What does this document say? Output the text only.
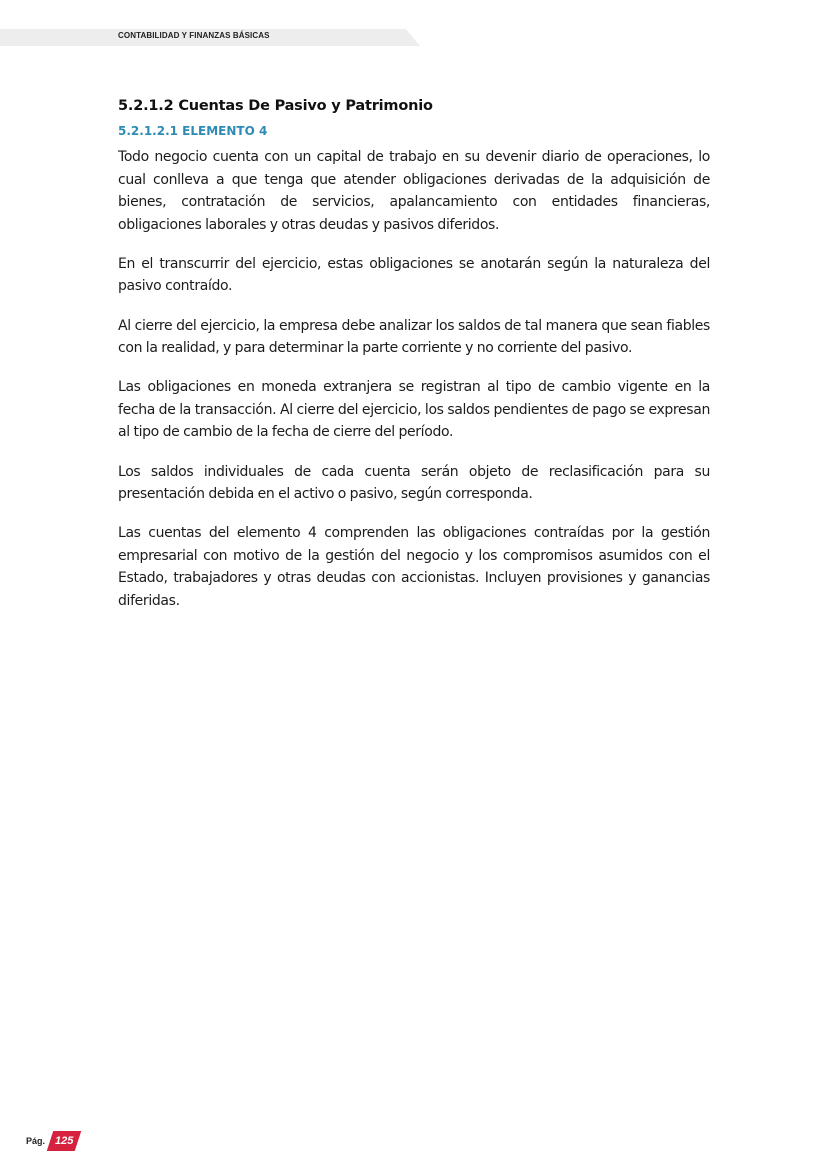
CONTABILIDAD Y FINANZAS BÁSICAS
5.2.1.2 Cuentas De Pasivo y Patrimonio
5.2.1.2.1 ELEMENTO 4

Todo negocio cuenta con un capital de trabajo en su devenir diario de operaciones, lo cual conlleva a que tenga que atender obligaciones derivadas de la adquisición de bienes, contratación de servicios, apalancamiento con entidades financieras, obligaciones laborales y otras deudas y pasivos diferidos.

En el transcurrir del ejercicio, estas obligaciones se anotarán según la naturaleza del pasivo contraído.

Al cierre del ejercicio, la empresa debe analizar los saldos de tal manera que sean fiables con la realidad, y para determinar la parte corriente y no corriente del pasivo.

Las obligaciones en moneda extranjera se registran al tipo de cambio vigente en la fecha de la transacción. Al cierre del ejercicio, los saldos pendientes de pago se expresan al tipo de cambio de la fecha de cierre del período.

Los saldos individuales de cada cuenta serán objeto de reclasificación para su presentación debida en el activo o pasivo, según corresponda.

Las cuentas del elemento 4 comprenden las obligaciones contraídas por la gestión empresarial con motivo de la gestión del negocio y los compromisos asumidos con el Estado, trabajadores y otras deudas con accionistas. Incluyen provisiones y ganancias diferidas.

Pág. 125
